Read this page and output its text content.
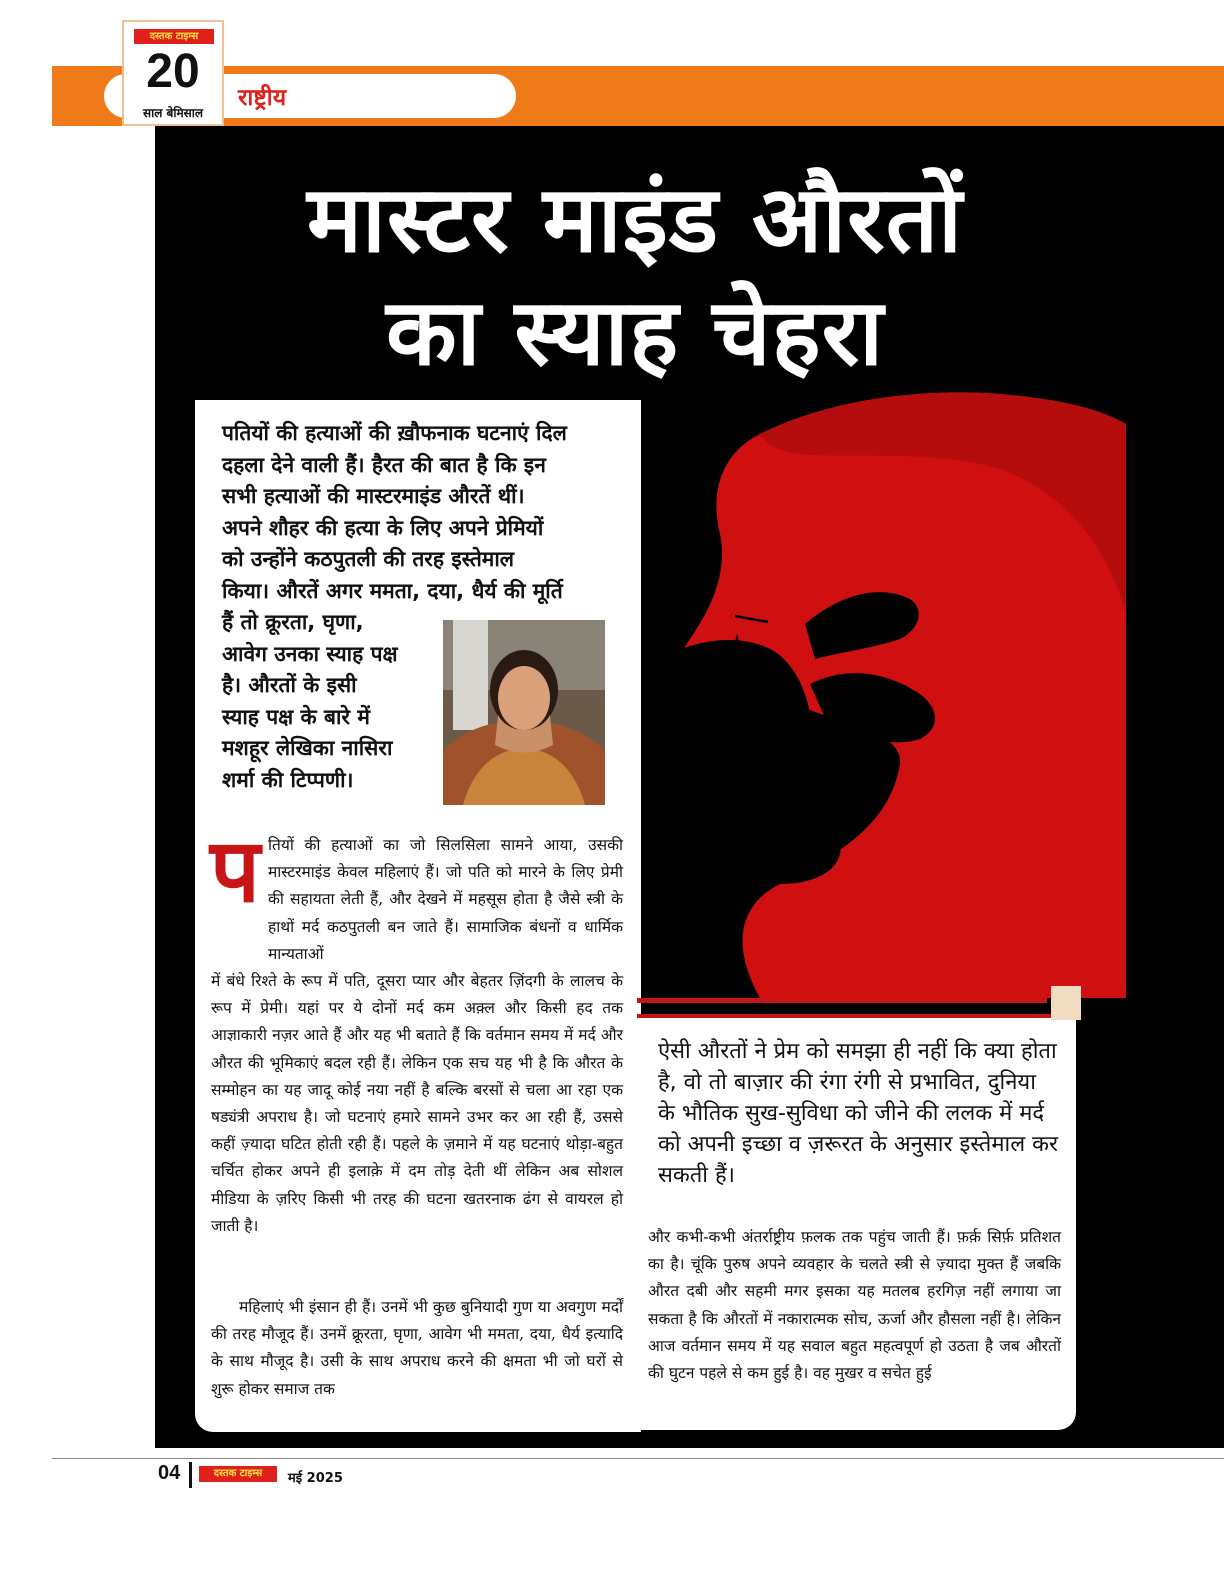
राष्ट्रीय
दस्तक टाइम्स
20
साल बेमिसाल
मास्टर माइंड औरतों
का स्याह चेहरा

पतियों की हत्याओं की ख़ौफनाक घटनाएं दिल

दहला देने वाली हैं। हैरत की बात है कि इन

सभी हत्याओं की मास्टरमाइंड औरतें थीं।

अपने शौहर की हत्या के लिए अपने प्रेमियों

को उन्होंने कठपुतली की तरह इस्तेमाल

किया। औरतें अगर ममता, दया, धैर्य की मूर्ति

हैं तो क्रूरता, घृणा,

आवेग उनका स्याह पक्ष

है। औरतों के इसी

स्याह पक्ष के बारे में

मशहूर लेखिका नासिरा

शर्मा की टिप्पणी।

प तियों की हत्याओं का जो सिलसिला सामने आया, उसकी मास्टरमाइंड केवल महिलाएं हैं। जो पति को मारने के लिए प्रेमी की सहायता लेती हैं, और देखने में महसूस होता है जैसे स्त्री के हाथों मर्द कठपुतली बन जाते हैं। सामाजिक बंधनों व धार्मिक मान्यताओं
में बंधे रिश्ते के रूप में पति, दूसरा प्यार और बेहतर ज़िंदगी के लालच के रूप में प्रेमी। यहां पर ये दोनों मर्द कम अक़्ल और किसी हद तक आज्ञाकारी नज़र आते हैं और यह भी बताते हैं कि वर्तमान समय में मर्द और औरत की भूमिकाएं बदल रही हैं। लेकिन एक सच यह भी है कि औरत के सम्मोहन का यह जादू कोई नया नहीं है बल्कि बरसों से चला आ रहा एक षड्यंत्री अपराध है। जो घटनाएं हमारे सामने उभर कर आ रही हैं, उससे कहीं ज़्यादा घटित होती रही हैं। पहले के ज़माने में यह घटनाएं थोड़ा-बहुत चर्चित होकर अपने ही इलाक़े में दम तोड़ देती थीं लेकिन अब सोशल मीडिया के ज़रिए किसी भी तरह की घटना खतरनाक ढंग से वायरल हो जाती है।
महिलाएं भी इंसान ही हैं। उनमें भी कुछ बुनियादी गुण या अवगुण मर्दों की तरह मौजूद हैं। उनमें क्रूरता, घृणा, आवेग भी ममता, दया, धैर्य इत्यादि के साथ मौजूद है। उसी के साथ अपराध करने की क्षमता भी जो घरों से शुरू होकर समाज तक
ऐसी औरतों ने प्रेम को समझा ही नहीं कि क्या होता है, वो तो बाज़ार की रंगा रंगी से प्रभावित, दुनिया के भौतिक सुख-सुविधा को जीने की ललक में मर्द को अपनी इच्छा व ज़रूरत के अनुसार इस्तेमाल कर सकती हैं।
और कभी-कभी अंतर्राष्ट्रीय फ़लक तक पहुंच जाती हैं। फ़र्क़ सिर्फ़ प्रतिशत का है। चूंकि पुरुष अपने व्यवहार के चलते स्त्री से ज़्यादा मुक्त हैं जबकि औरत दबी और सहमी मगर इसका यह मतलब हरगिज़ नहीं लगाया जा सकता है कि औरतों में नकारात्मक सोच, ऊर्जा और हौसला नहीं है। लेकिन आज वर्तमान समय में यह सवाल बहुत महत्वपूर्ण हो उठता है जब औरतों की घुटन पहले से कम हुई है। वह मुखर व सचेत हुई
04	दस्तक टाइम्स	मई 2025
